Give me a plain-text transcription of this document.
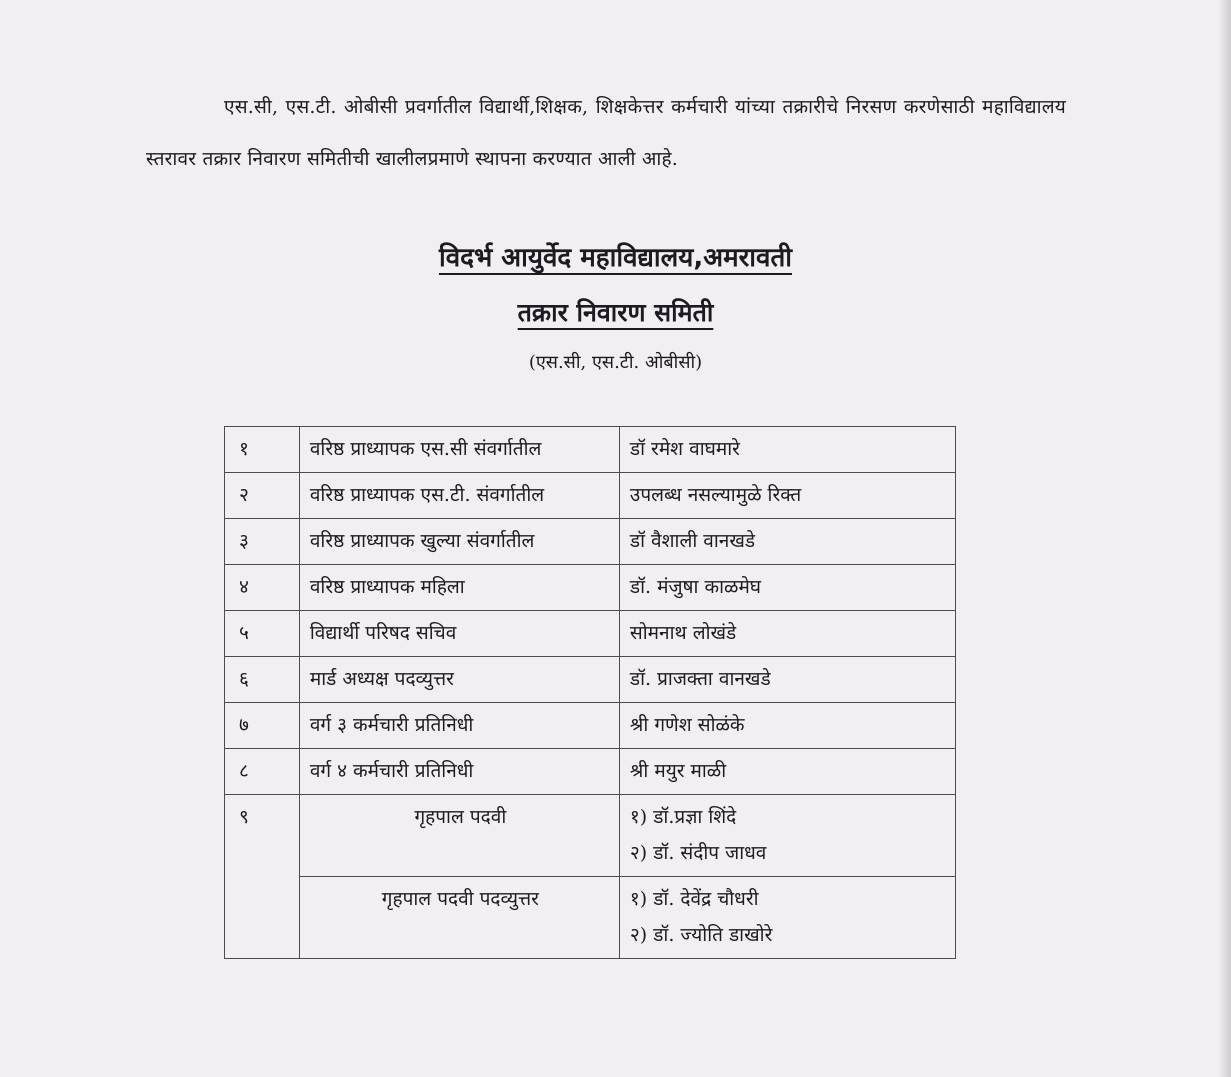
एस.सी, एस.टी. ओबीसी प्रवर्गातील विद्यार्थी,शिक्षक, शिक्षकेत्तर कर्मचारी यांच्या तक्रारीचे निरसण करणेसाठी महाविद्यालय स्तरावर तक्रार निवारण समितीची खालीलप्रमाणे स्थापना करण्यात आली आहे.

विदर्भ आयुर्वेद महाविद्यालय,अमरावती
तक्रार निवारण समिती
(एस.सी, एस.टी. ओबीसी)
१	वरिष्ठ प्राध्यापक एस.सी संवर्गातील	डॉ रमेश वाघमारे

२	वरिष्ठ प्राध्यापक एस.टी. संवर्गातील	उपलब्ध नसल्यामुळे रिक्त

३	वरिष्ठ प्राध्यापक खुल्या संवर्गातील	डॉ वैशाली वानखडे

४	वरिष्ठ प्राध्यापक महिला	डॉ. मंजुषा काळमेघ

५	विद्यार्थी परिषद सचिव	सोमनाथ लोखंडे

६	मार्ड अध्यक्ष पदव्युत्तर	डॉ. प्राजक्ता वानखडे

७	वर्ग ३ कर्मचारी प्रतिनिधी	श्री गणेश सोळंके

८	वर्ग ४ कर्मचारी प्रतिनिधी	श्री मयुर माळी

९	गृहपाल पदवी	१) डॉ.प्रज्ञा शिंदे
२) डॉ. संदीप जाधव

	गृहपाल पदवी पदव्युत्तर	१) डॉ. देवेंद्र चौधरी
२) डॉ. ज्योति डाखोरे
